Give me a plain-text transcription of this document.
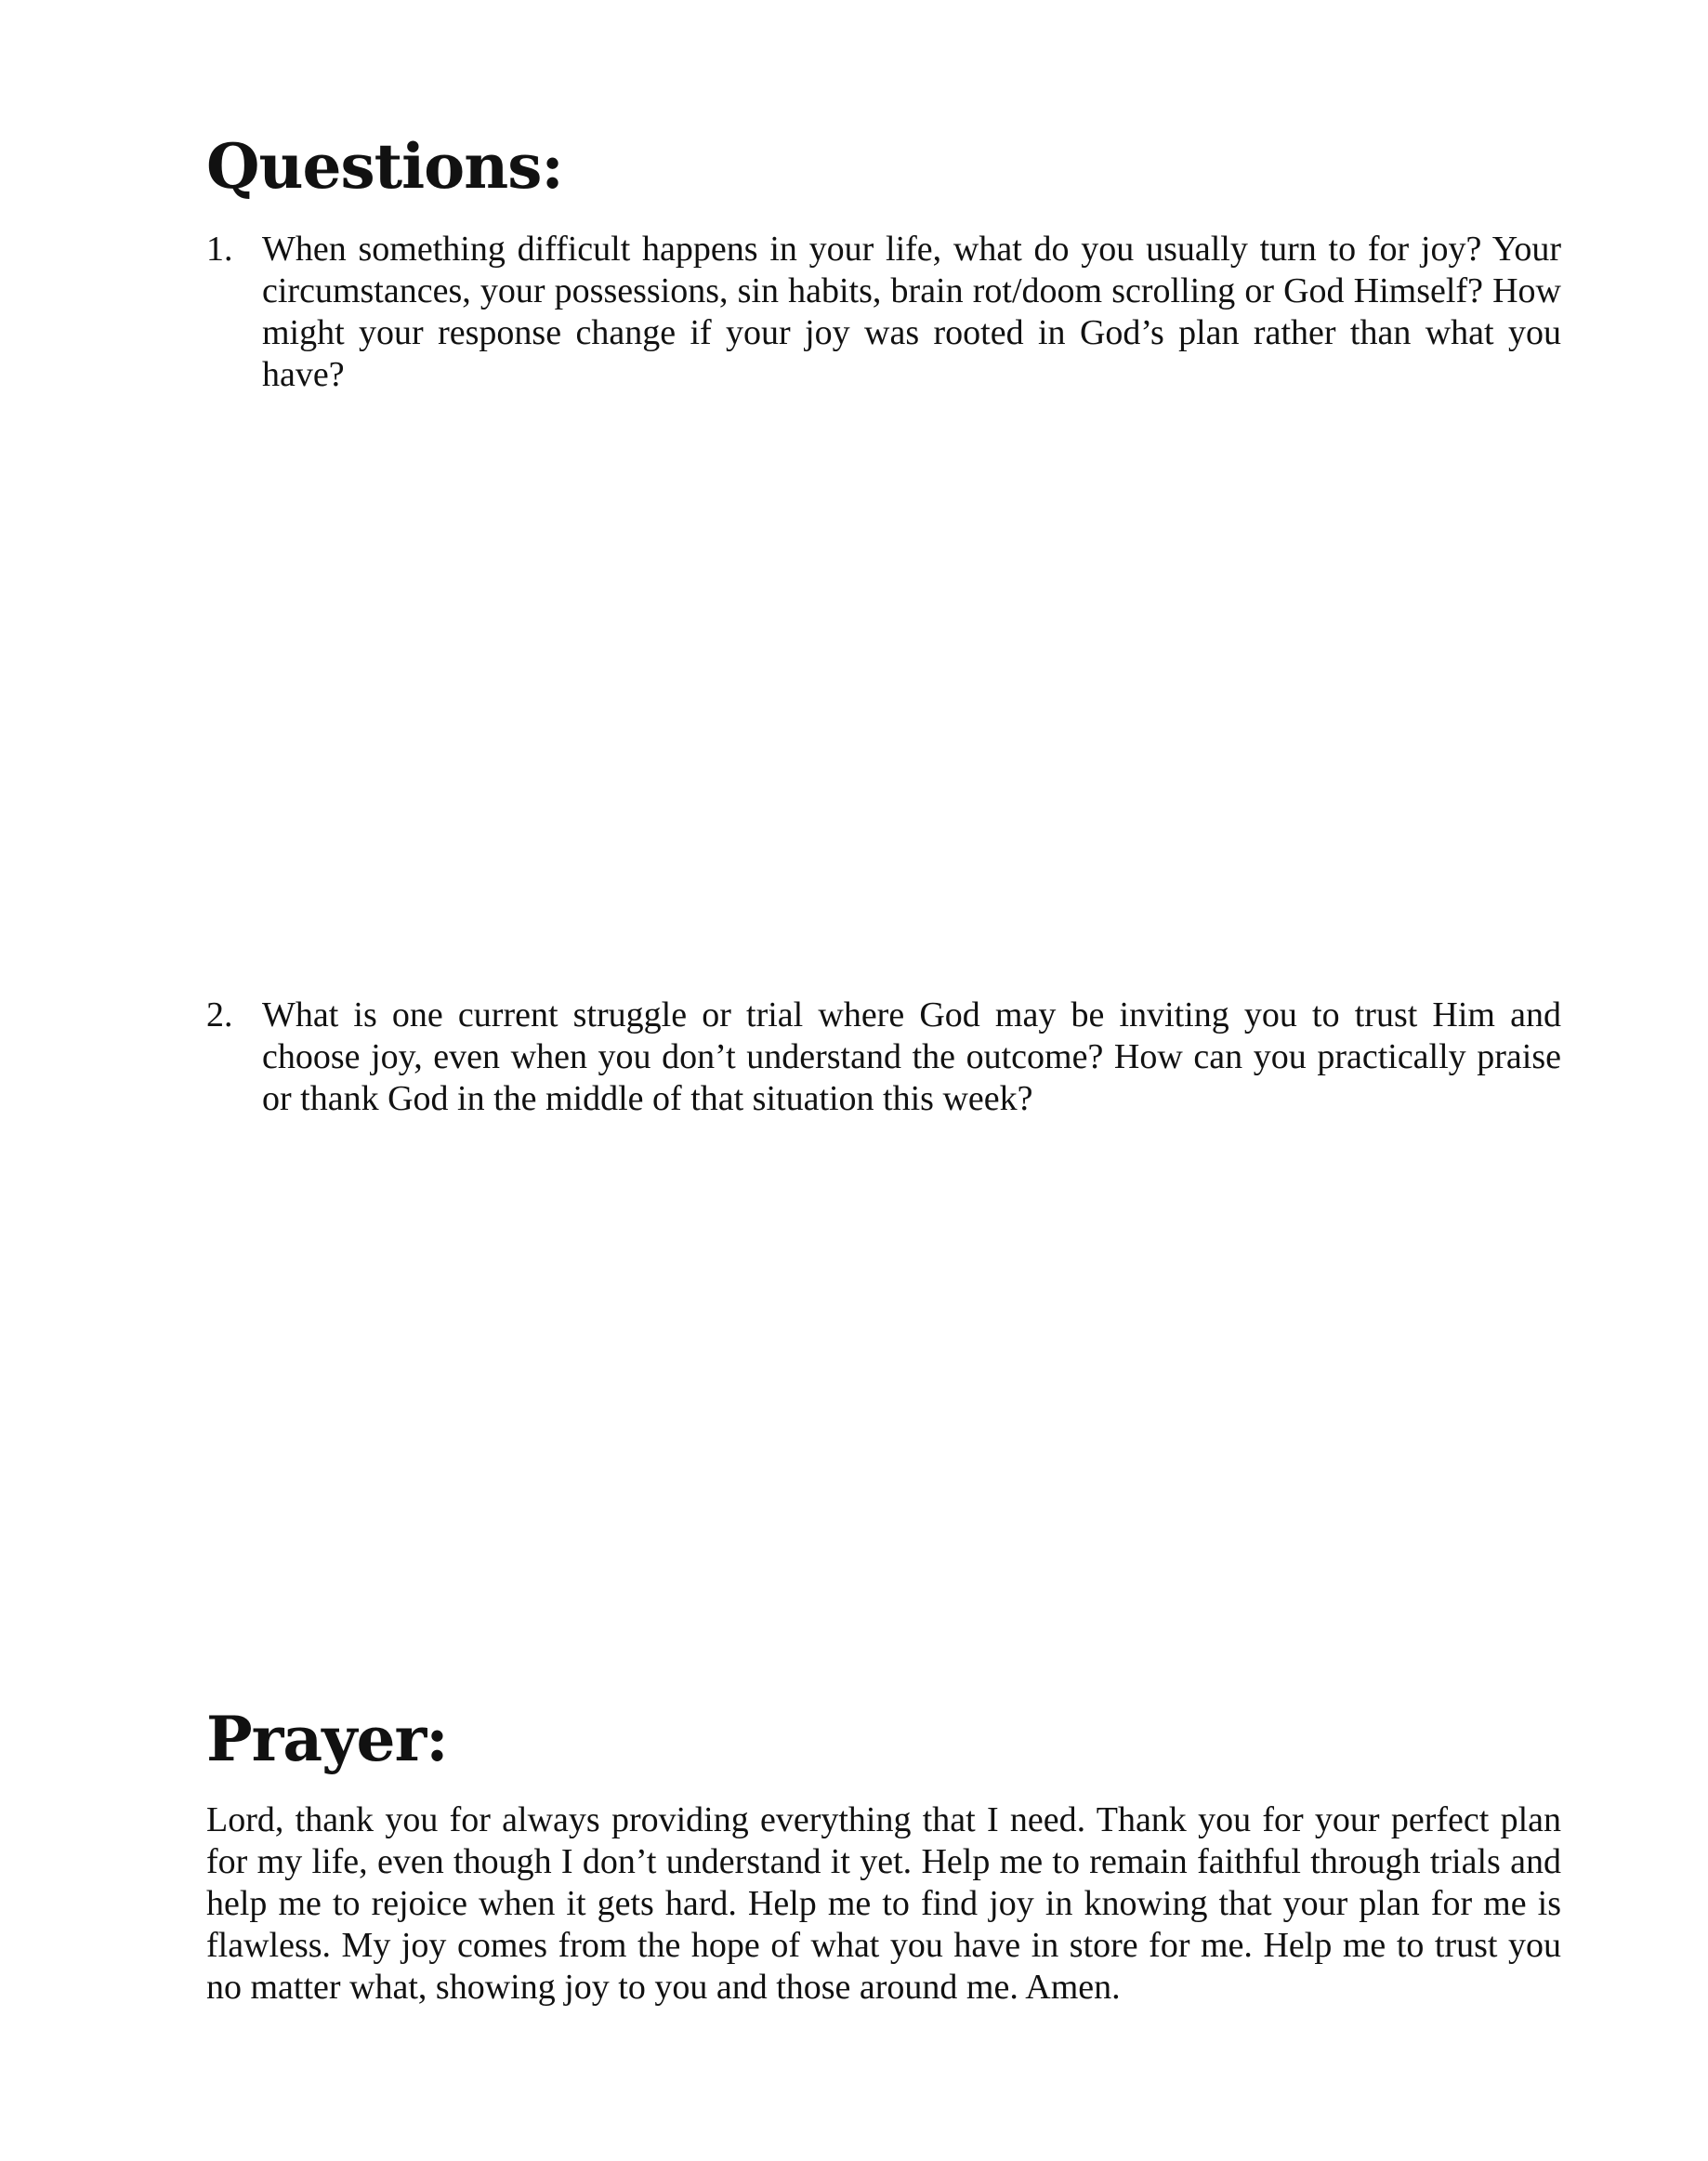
Questions:
1. When something difficult happens in your life, what do you usually turn to for joy? Your circumstances, your possessions, sin habits, brain rot/doom scrolling or God Himself? How might your response change if your joy was rooted in God’s plan rather than what you have?
2. What is one current struggle or trial where God may be inviting you to trust Him and choose joy, even when you don’t understand the outcome? How can you practically praise or thank God in the middle of that situation this week?
Prayer:

Lord, thank you for always providing everything that I need. Thank you for your perfect plan for my life, even though I don’t understand it yet. Help me to remain faithful through trials and help me to rejoice when it gets hard. Help me to find joy in knowing that your plan for me is flawless. My joy comes from the hope of what you have in store for me. Help me to trust you no matter what, showing joy to you and those around me. Amen.
